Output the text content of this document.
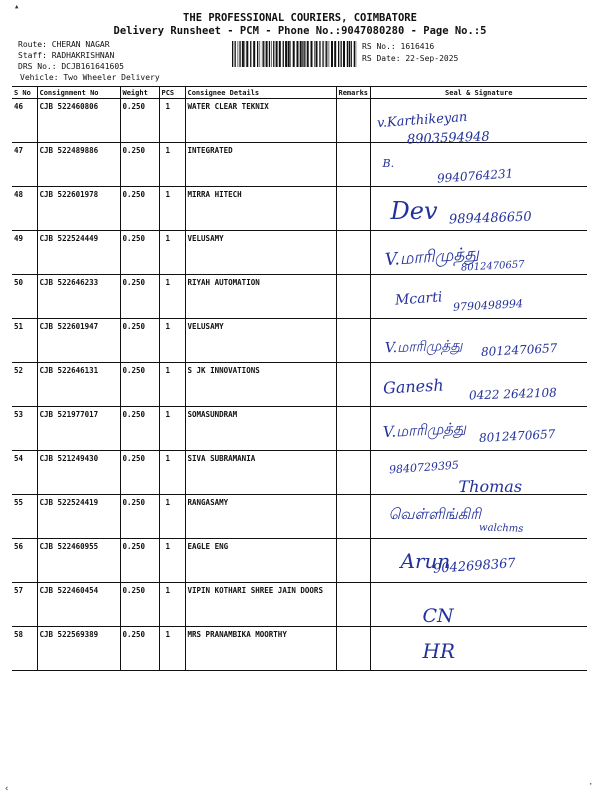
▴
‹	·
THE PROFESSIONAL COURIERS, COIMBATORE
Delivery Runsheet - PCM - Phone No.:9047080280 - Page No.:5
Route: CHERAN NAGAR
Staff: RADHAKRISHNAN
DRS No.: DCJB161641605
Vehicle: Two Wheeler Delivery
RS No.: 1616416
RS Date: 22-Sep-2025
S No	Consignment No	Weight	PCS	Consignee Details	Remarks	Seal & Signature
46	CJB 522460806	0.250	1	WATER CLEAR TEKNIX		v.Karthikeyan
8903594948

47	CJB 522489886	0.250	1	INTEGRATED		B.
9940764231

48	CJB 522601978	0.250	1	MIRRA HITECH		Dev 9894486650

49	CJB 522524449	0.250	1	VELUSAMY		V.மாரிமுத்து
8012470657

50	CJB 522646233	0.250	1	RIYAH AUTOMATION		Mcarti 9790498994

51	CJB 522601947	0.250	1	VELUSAMY		V.மாரிமுத்து 8012470657

52	CJB 522646131	0.250	1	S JK INNOVATIONS		Ganesh 0422 2642108

53	CJB 521977017	0.250	1	SOMASUNDRAM		V.மாரிமுத்து 8012470657

54	CJB 521249430	0.250	1	SIVA SUBRAMANIA		Thomas
9840729395

55	CJB 522524419	0.250	1	RANGASAMY		வெள்ளிங்கிரி
walchms

56	CJB 522460955	0.250	1	EAGLE ENG		Arun
9042698367

57	CJB 522460454	0.250	1	VIPIN KOTHARI SHREE JAIN DOORS		CN

58	CJB 522569389	0.250	1	MRS PRANAMBIKA MOORTHY		HR
